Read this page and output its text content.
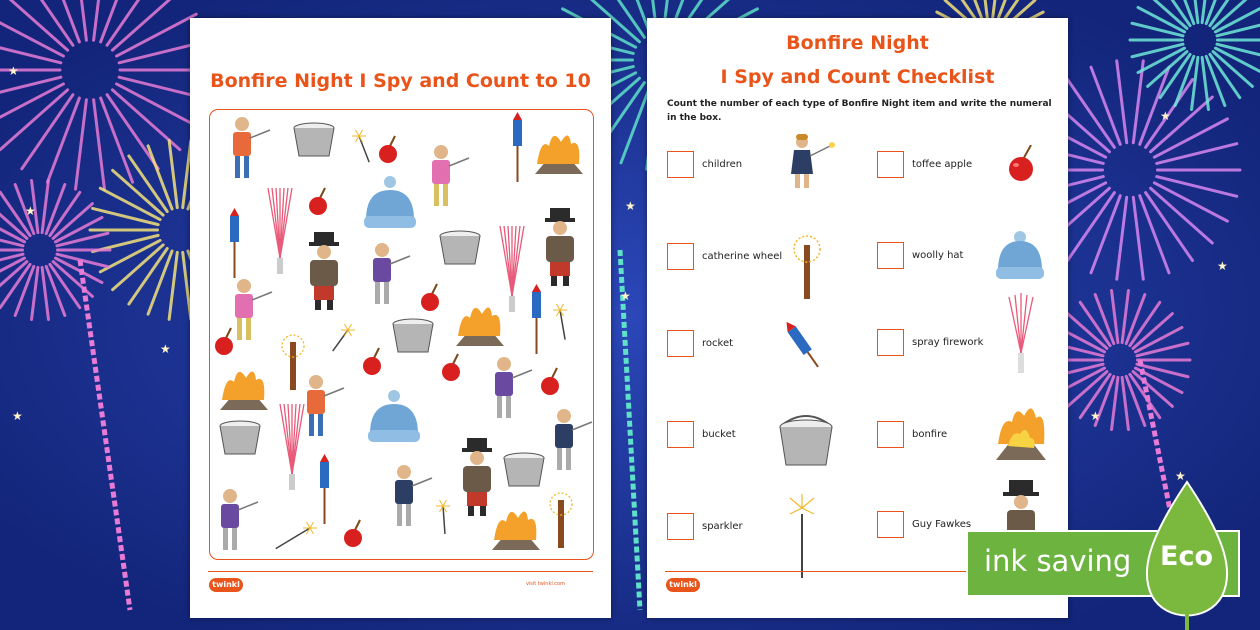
★
★
★
★
★
★
★
★
★
★
Bonfire Night I Spy and Count to 10
twinkl	visit twinkl.com
Bonfire Night
I Spy and Count Checklist
Count the number of each type of Bonfire Night item and write the numeral in the box.
children	toffee apple
catherine wheel	woolly hat
rocket	spray firework
bucket	bonfire
sparkler	Guy Fawkes
twinkl
ink saving Eco
